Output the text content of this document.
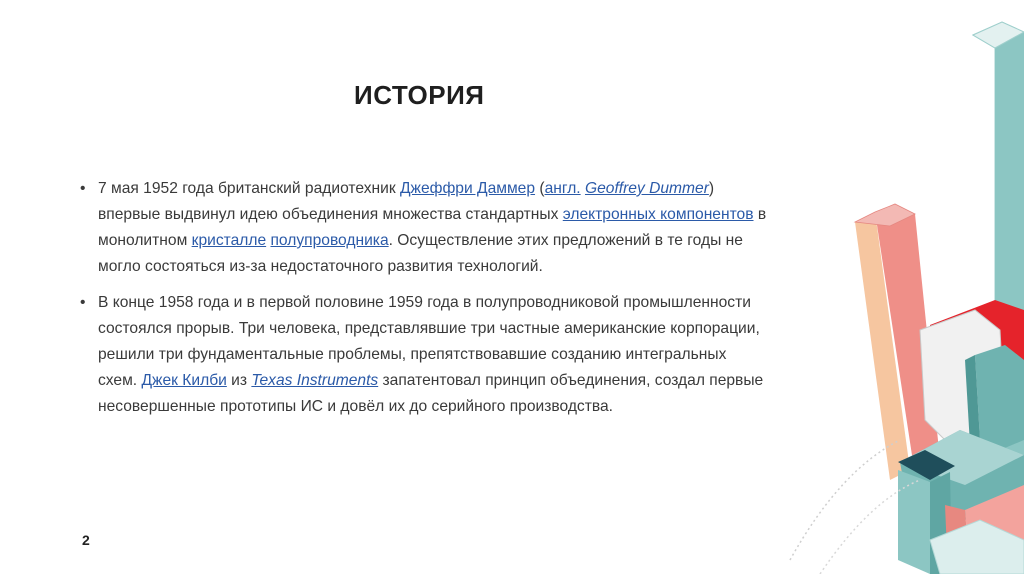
ИСТОРИЯ
• 7 мая 1952 года британский радиотехник Джеффри Даммер (англ. Geoffrey Dummer) впервые выдвинул идею объединения множества стандартных электронных компонентов в монолитном кристалле полупроводника. Осуществление этих предложений в те годы не могло состояться из-за недостаточного развития технологий.
• В конце 1958 года и в первой половине 1959 года в полупроводниковой промышленности состоялся прорыв. Три человека, представлявшие три частные американские корпорации, решили три фундаментальные проблемы, препятствовавшие созданию интегральных схем. Джек Килби из Texas Instruments запатентовал принцип объединения, создал первые несовершенные прототипы ИС и довёл их до серийного производства.
2
